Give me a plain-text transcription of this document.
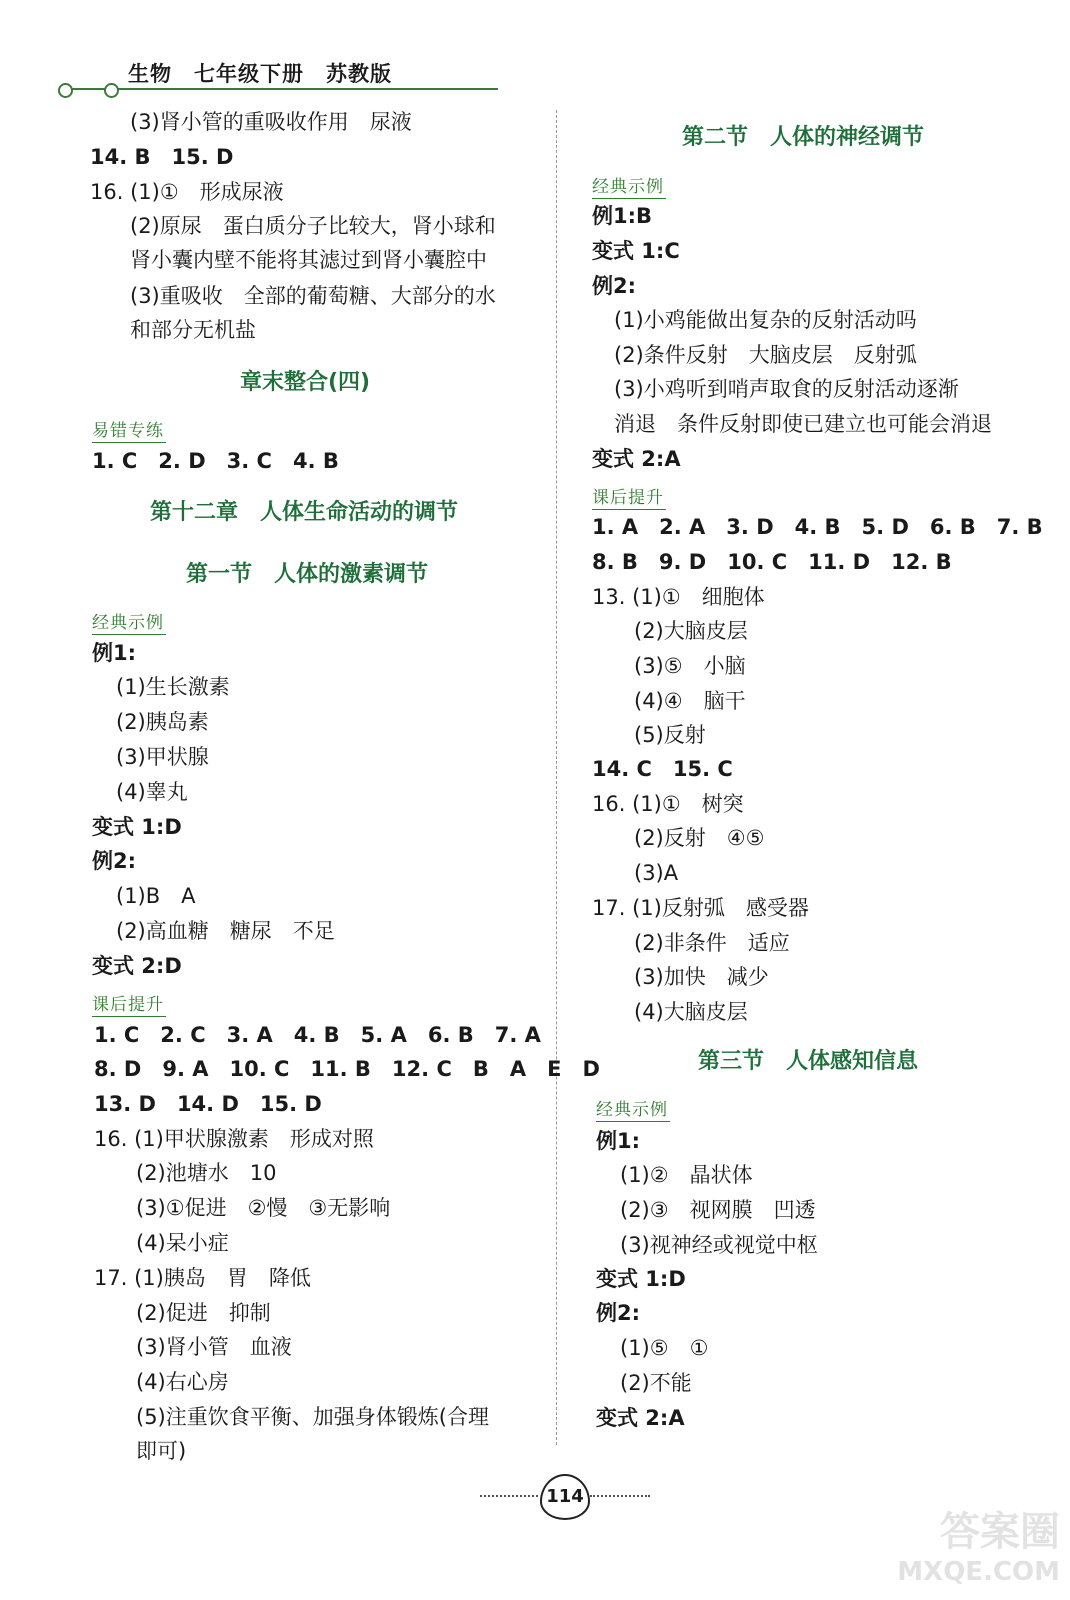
生物　七年级下册　苏教版
(3)肾小管的重吸收作用　尿液
14. B　15. D
16. (1)①　形成尿液
(2)原尿　蛋白质分子比较大，肾小球和
肾小囊内壁不能将其滤过到肾小囊腔中
(3)重吸收　全部的葡萄糖、大部分的水
和部分无机盐
章末整合(四)
易错专练
1. C　2. D　3. C　4. B
第十二章　人体生命活动的调节
第一节　人体的激素调节
经典示例
例1:
(1)生长激素
(2)胰岛素
(3)甲状腺
(4)睾丸
变式 1:D
例2:
(1)B　A
(2)高血糖　糖尿　不足
变式 2:D
课后提升
1. C　2. C　3. A　4. B　5. A　6. B　7. A
8. D　9. A　10. C　11. B　12. C　B　A　E　D
13. D　14. D　15. D
16. (1)甲状腺激素　形成对照
(2)池塘水　10
(3)①促进　②慢　③无影响
(4)呆小症
17. (1)胰岛　胃　降低
(2)促进　抑制
(3)肾小管　血液
(4)右心房
(5)注重饮食平衡、加强身体锻炼(合理
即可)
第二节　人体的神经调节
经典示例
例1:B
变式 1:C
例2:
(1)小鸡能做出复杂的反射活动吗
(2)条件反射　大脑皮层　反射弧
(3)小鸡听到哨声取食的反射活动逐渐
消退　条件反射即使已建立也可能会消退
变式 2:A
课后提升
1. A　2. A　3. D　4. B　5. D　6. B　7. B
8. B　9. D　10. C　11. D　12. B
13. (1)①　细胞体
(2)大脑皮层
(3)⑤　小脑
(4)④　脑干
(5)反射
14. C　15. C
16. (1)①　树突
(2)反射　④⑤
(3)A
17. (1)反射弧　感受器
(2)非条件　适应
(3)加快　减少
(4)大脑皮层
第三节　人体感知信息
经典示例
例1:
(1)②　晶状体
(2)③　视网膜　凹透
(3)视神经或视觉中枢
变式 1:D
例2:
(1)⑤　①
(2)不能
变式 2:A
114
答案圈
MXQE.COM
